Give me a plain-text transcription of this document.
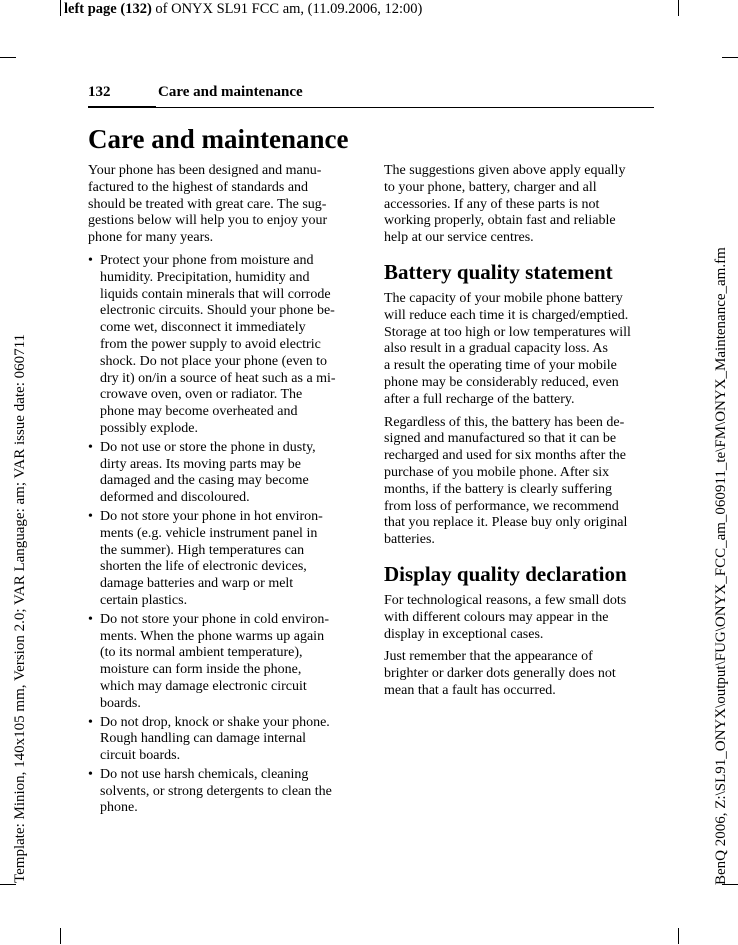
left page (132) of ONYX SL91 FCC am, (11.09.2006, 12:00)
Template: Minion, 140x105 mm, Version 2.0; VAR Language: am; VAR issue date: 060711	BenQ 2006, Z:\SL91_ONYX\output\FUG\ONYX_FCC_am_060911_te\FM\ONYX_Maintenance_am.fm
132	Care and maintenance
Care and maintenance

Your phone has been designed and manu-
factured to the highest of standards and
should be treated with great care. The sug-
gestions below will help you to enjoy your
phone for many years.

• Protect your phone from moisture and
humidity. Precipitation, humidity and
liquids contain minerals that will corrode
electronic circuits. Should your phone be-
come wet, disconnect it immediately
from the power supply to avoid electric
shock. Do not place your phone (even to
dry it) on/in a source of heat such as a mi-
crowave oven, oven or radiator. The
phone may become overheated and
possibly explode.
• Do not use or store the phone in dusty,
dirty areas. Its moving parts may be
damaged and the casing may become
deformed and discoloured.
• Do not store your phone in hot environ-
ments (e.g. vehicle instrument panel in
the summer). High temperatures can
shorten the life of electronic devices,
damage batteries and warp or melt
certain plastics.
• Do not store your phone in cold environ-
ments. When the phone warms up again
(to its normal ambient temperature),
moisture can form inside the phone,
which may damage electronic circuit
boards.
• Do not drop, knock or shake your phone.
Rough handling can damage internal
circuit boards.
• Do not use harsh chemicals, cleaning
solvents, or strong detergents to clean the
phone.

The suggestions given above apply equally
to your phone, battery, charger and all
accessories. If any of these parts is not
working properly, obtain fast and reliable
help at our service centres.

Battery quality statement

The capacity of your mobile phone battery
will reduce each time it is charged/emptied.
Storage at too high or low temperatures will
also result in a gradual capacity loss. As
a result the operating time of your mobile
phone may be considerably reduced, even
after a full recharge of the battery.

Regardless of this, the battery has been de-
signed and manufactured so that it can be
recharged and used for six months after the
purchase of you mobile phone. After six
months, if the battery is clearly suffering
from loss of performance, we recommend
that you replace it. Please buy only original
batteries.

Display quality declaration

For technological reasons, a few small dots
with different colours may appear in the
display in exceptional cases.

Just remember that the appearance of
brighter or darker dots generally does not
mean that a fault has occurred.
